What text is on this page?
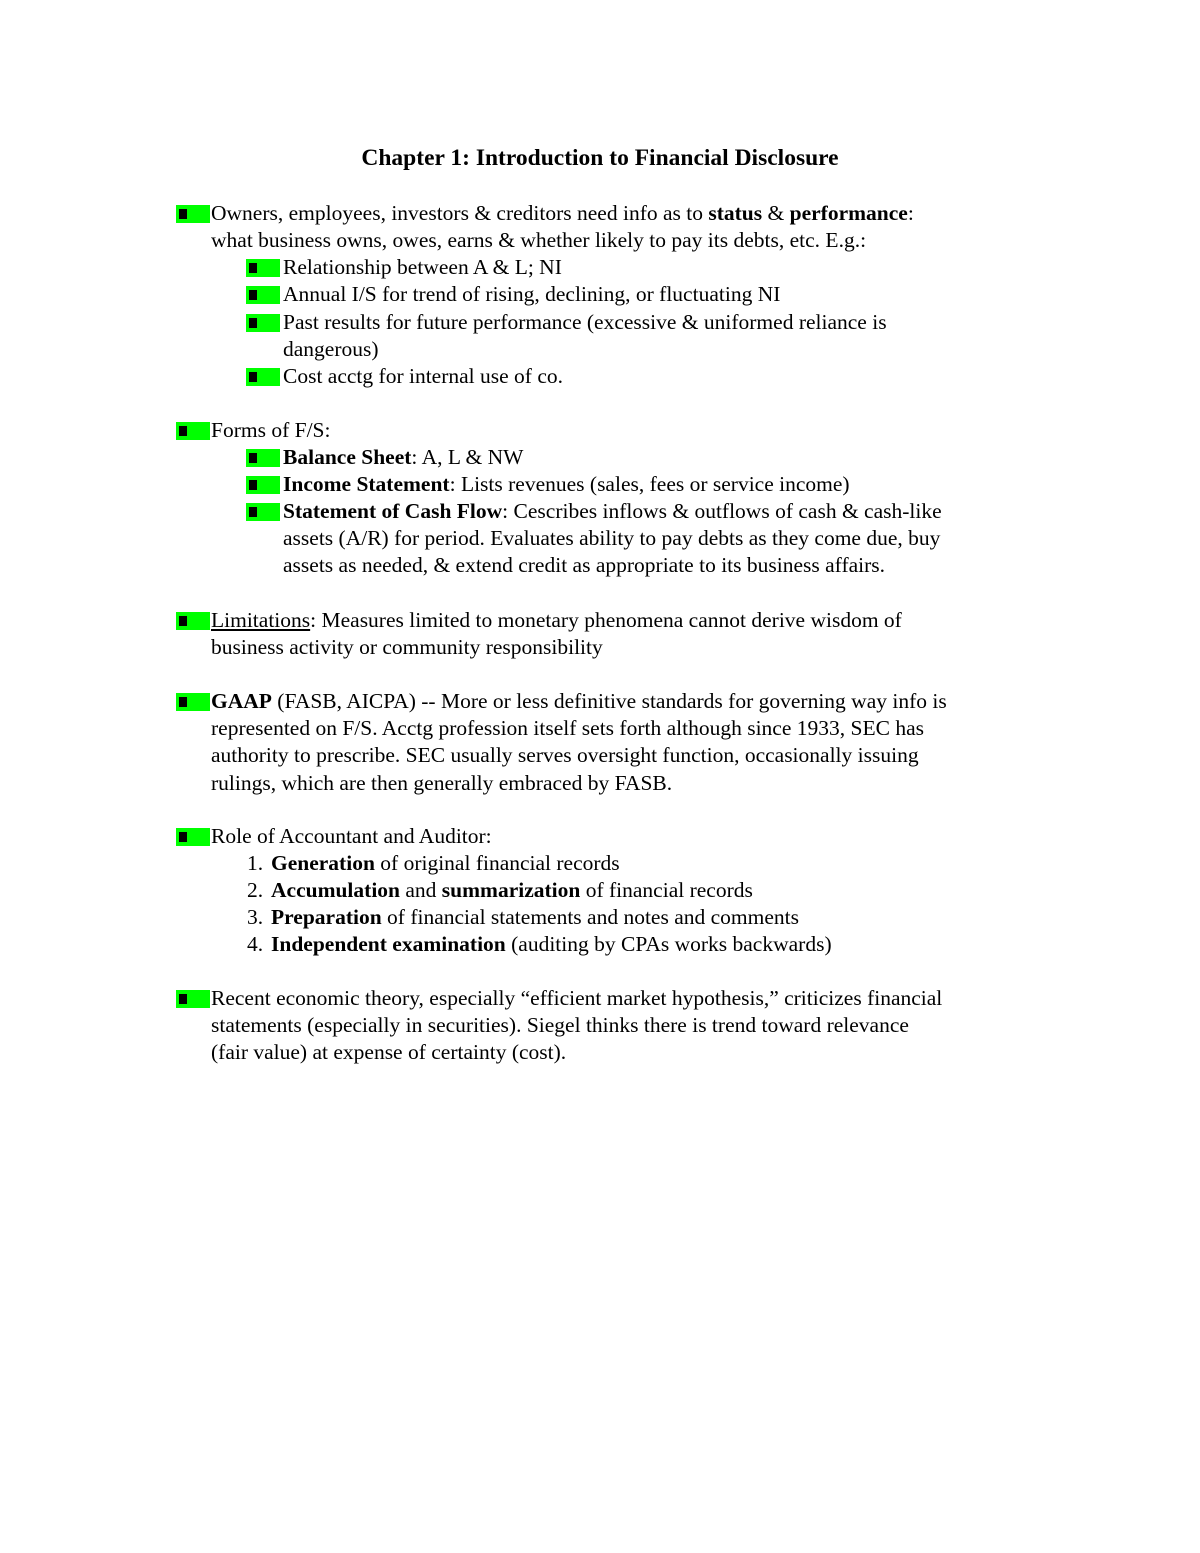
Chapter 1: Introduction to Financial Disclosure
Owners, employees, investors & creditors need info as to status & performance:
what business owns, owes, earns & whether likely to pay its debts, etc. E.g.:
Relationship between A & L; NI
Annual I/S for trend of rising, declining, or fluctuating NI
Past results for future performance (excessive & uniformed reliance is
dangerous)
Cost acctg for internal use of co.
Forms of F/S:
Balance Sheet: A, L & NW
Income Statement: Lists revenues (sales, fees or service income)
Statement of Cash Flow: Cescribes inflows & outflows of cash & cash-like
assets (A/R) for period. Evaluates ability to pay debts as they come due, buy
assets as needed, & extend credit as appropriate to its business affairs.
Limitations: Measures limited to monetary phenomena cannot derive wisdom of
business activity or community responsibility
GAAP (FASB, AICPA) -- More or less definitive standards for governing way info is
represented on F/S. Acctg profession itself sets forth although since 1933, SEC has
authority to prescribe. SEC usually serves oversight function, occasionally issuing
rulings, which are then generally embraced by FASB.
Role of Accountant and Auditor:
1. Generation of original financial records
2. Accumulation and summarization of financial records
3. Preparation of financial statements and notes and comments
4. Independent examination (auditing by CPAs works backwards)
Recent economic theory, especially “efficient market hypothesis,” criticizes financial
statements (especially in securities). Siegel thinks there is trend toward relevance
(fair value) at expense of certainty (cost).
